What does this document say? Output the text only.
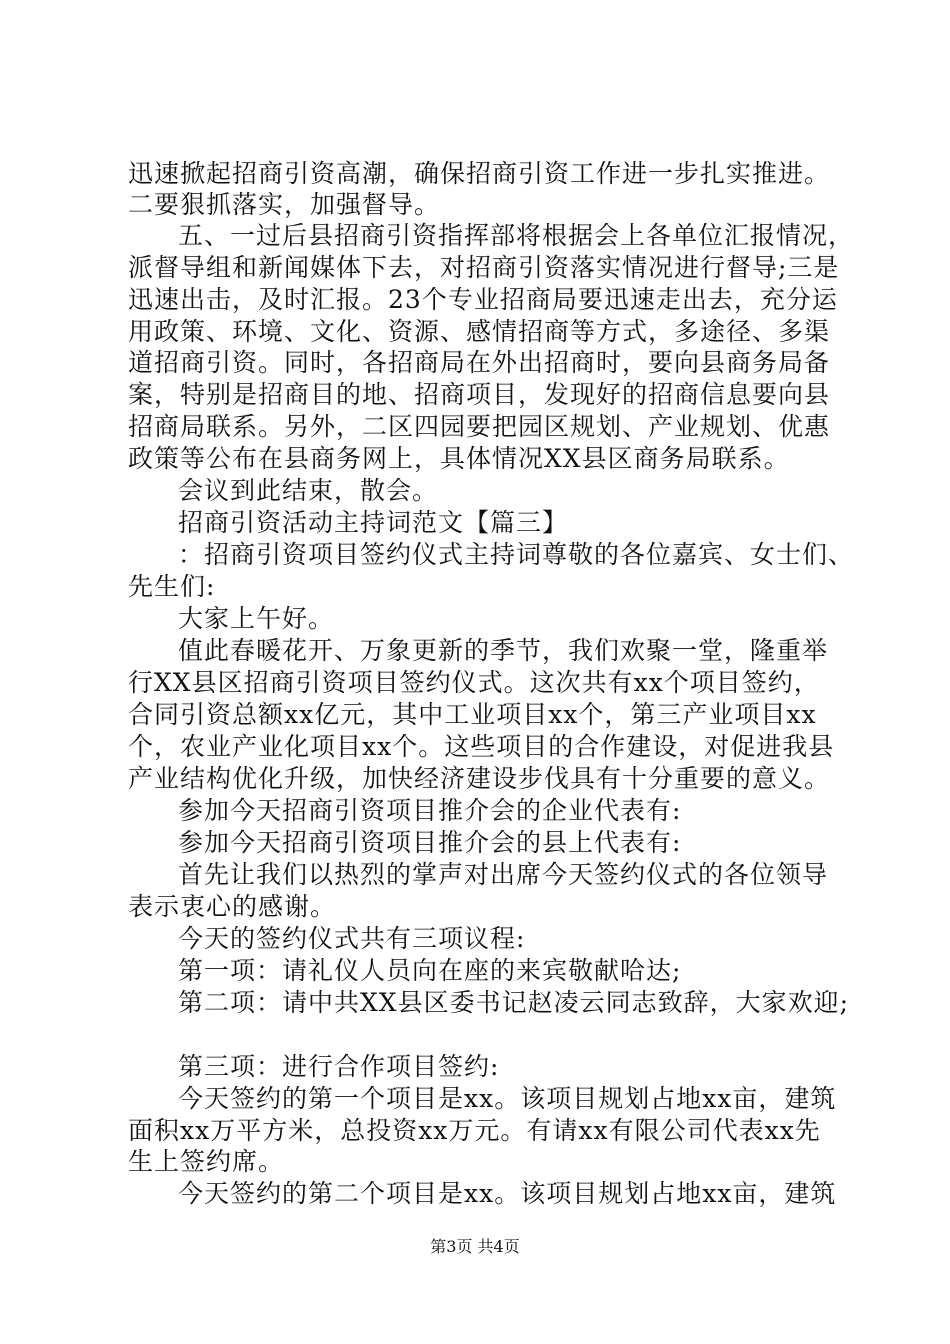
迅速掀起招商引资高潮，确保招商引资工作进一步扎实推进。
二要狠抓落实，加强督导。
五、一过后县招商引资指挥部将根据会上各单位汇报情况，
派督导组和新闻媒体下去，对招商引资落实情况进行督导;三是
迅速出击，及时汇报。23个专业招商局要迅速走出去，充分运
用政策、环境、文化、资源、感情招商等方式，多途径、多渠
道招商引资。同时，各招商局在外出招商时，要向县商务局备
案，特别是招商目的地、招商项目，发现好的招商信息要向县
招商局联系。另外，二区四园要把园区规划、产业规划、优惠
政策等公布在县商务网上，具体情况XX县区商务局联系。
会议到此结束，散会。
招商引资活动主持词范文【篇三】
：招商引资项目签约仪式主持词尊敬的各位嘉宾、女士们、
先生们:
大家上午好。
值此春暖花开、万象更新的季节，我们欢聚一堂，隆重举
行XX县区招商引资项目签约仪式。这次共有xx个项目签约，
合同引资总额xx亿元，其中工业项目xx个，第三产业项目xx
个，农业产业化项目xx个。这些项目的合作建设，对促进我县
产业结构优化升级，加快经济建设步伐具有十分重要的意义。
参加今天招商引资项目推介会的企业代表有:
参加今天招商引资项目推介会的县上代表有:
首先让我们以热烈的掌声对出席今天签约仪式的各位领导
表示衷心的感谢。
今天的签约仪式共有三项议程:
第一项：请礼仪人员向在座的来宾敬献哈达;
第二项：请中共XX县区委书记赵凌云同志致辞，大家欢迎;
第三项：进行合作项目签约:
今天签约的第一个项目是xx。该项目规划占地xx亩，建筑
面积xx万平方米，总投资xx万元。有请xx有限公司代表xx先
生上签约席。
今天签约的第二个项目是xx。该项目规划占地xx亩，建筑
第3页 共4页
